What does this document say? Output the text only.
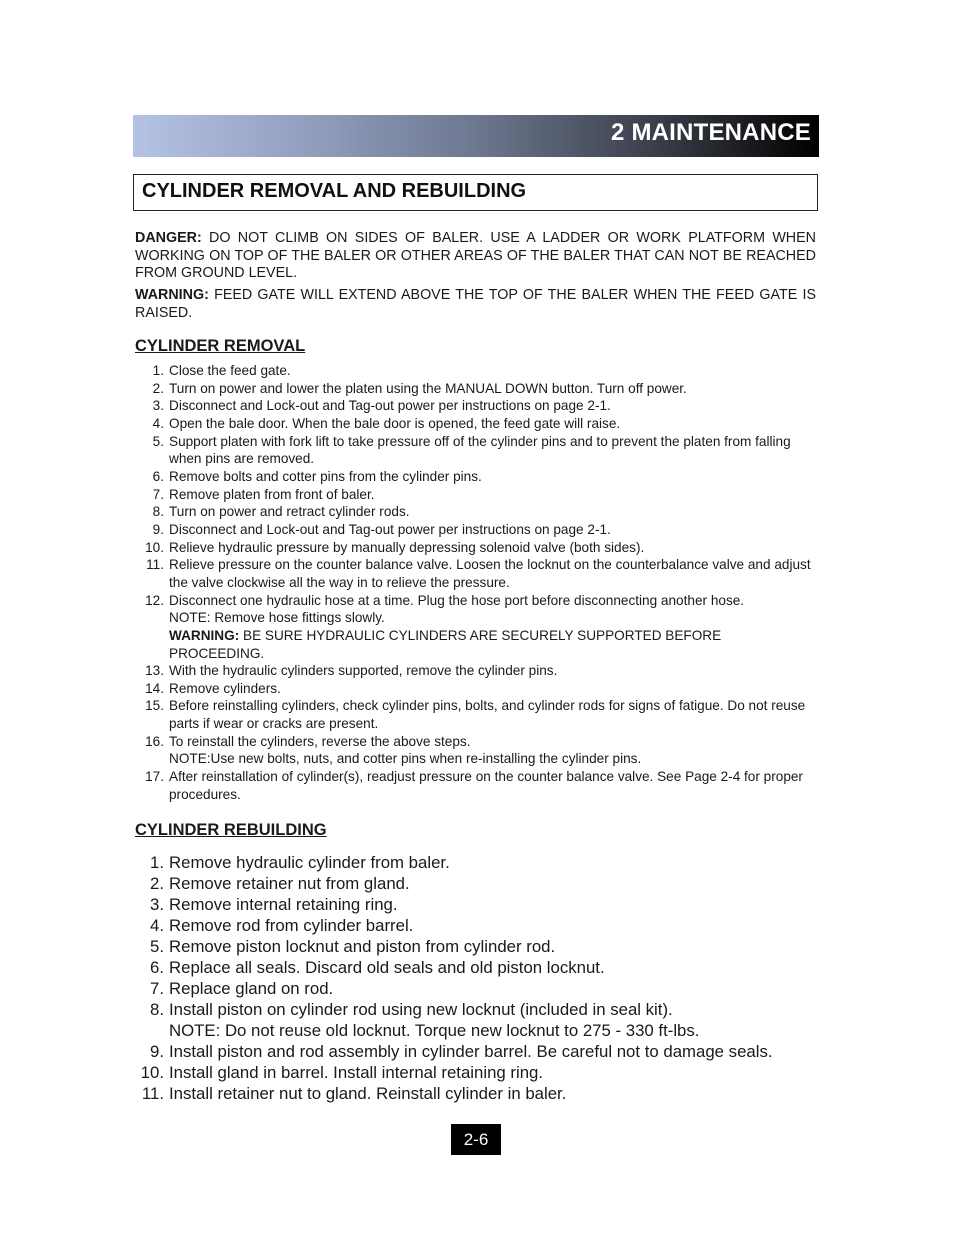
2 MAINTENANCE
CYLINDER REMOVAL AND REBUILDING
DANGER: DO NOT CLIMB ON SIDES OF BALER. USE A LADDER OR WORK PLATFORM WHEN WORKING ON TOP OF THE BALER OR OTHER AREAS OF THE BALER THAT CAN NOT BE REACHED FROM GROUND LEVEL.
WARNING: FEED GATE WILL EXTEND ABOVE THE TOP OF THE BALER WHEN THE FEED GATE IS RAISED.
CYLINDER REMOVAL
1. Close the feed gate.
2. Turn on power and lower the platen using the MANUAL DOWN button. Turn off power.
3. Disconnect and Lock-out and Tag-out power per instructions on page 2-1.
4. Open the bale door. When the bale door is opened, the feed gate will raise.
5. Support platen with fork lift to take pressure off of the cylinder pins and to prevent the platen from falling when pins are removed.
6. Remove bolts and cotter pins from the cylinder pins.
7. Remove platen from front of baler.
8. Turn on power and retract cylinder rods.
9. Disconnect and Lock-out and Tag-out power per instructions on page 2-1.
10. Relieve hydraulic pressure by manually depressing solenoid valve (both sides).
11. Relieve pressure on the counter balance valve. Loosen the locknut on the counterbalance valve and adjust the valve clockwise all the way in to relieve the pressure.
12. Disconnect one hydraulic hose at a time. Plug the hose port before disconnecting another hose.
NOTE: Remove hose fittings slowly.
WARNING: BE SURE HYDRAULIC CYLINDERS ARE SECURELY SUPPORTED BEFORE PROCEEDING.
13. With the hydraulic cylinders supported, remove the cylinder pins.
14. Remove cylinders.
15. Before reinstalling cylinders, check cylinder pins, bolts, and cylinder rods for signs of fatigue. Do not reuse parts if wear or cracks are present.
16. To reinstall the cylinders, reverse the above steps.
NOTE:Use new bolts, nuts, and cotter pins when re-installing the cylinder pins.
17. After reinstallation of cylinder(s), readjust pressure on the counter balance valve. See Page 2-4 for proper procedures.
CYLINDER REBUILDING
1. Remove hydraulic cylinder from baler.
2. Remove retainer nut from gland.
3. Remove internal retaining ring.
4. Remove rod from cylinder barrel.
5. Remove piston locknut and piston from cylinder rod.
6. Replace all seals. Discard old seals and old piston locknut.
7. Replace gland on rod.
8. Install piston on cylinder rod using new locknut (included in seal kit).
NOTE: Do not reuse old locknut. Torque new locknut to 275 - 330 ft-lbs.
9. Install piston and rod assembly in cylinder barrel. Be careful not to damage seals.
10. Install gland in barrel. Install internal retaining ring.
11. Install retainer nut to gland. Reinstall cylinder in baler.
2-6
